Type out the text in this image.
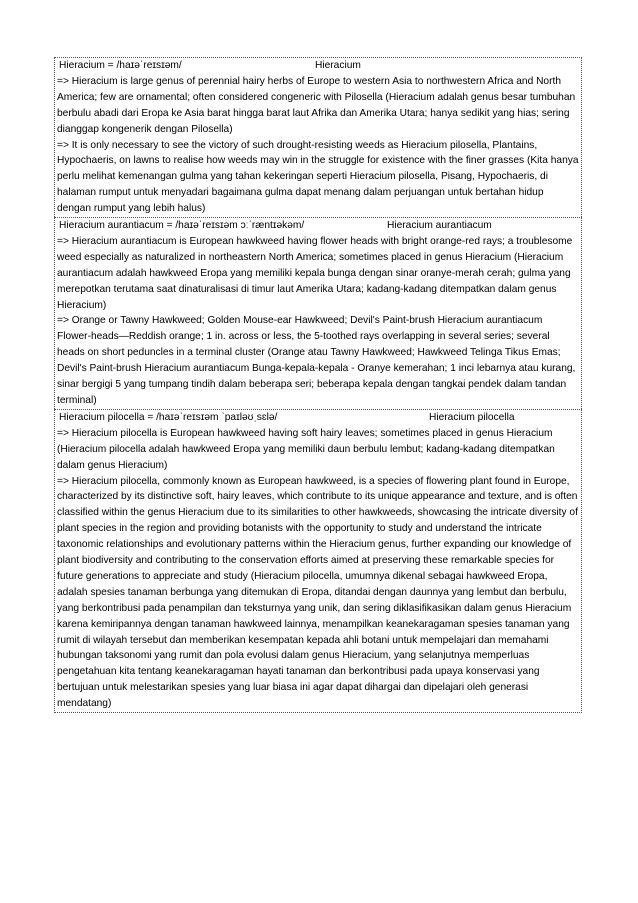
Hieracium = /haɪəˈreɪsɪəm/	Hieracium

=> Hieracium is large genus of perennial hairy herbs of Europe to western Asia to northwestern Africa and North America; few are ornamental; often considered congeneric with Pilosella (Hieracium adalah genus besar tumbuhan berbulu abadi dari Eropa ke Asia barat hingga barat laut Afrika dan Amerika Utara; hanya sedikit yang hias; sering dianggap kongenerik dengan Pilosella)

=> It is only necessary to see the victory of such drought-resisting weeds as Hieracium pilosella, Plantains, Hypochaeris, on lawns to realise how weeds may win in the struggle for existence with the finer grasses (Kita hanya perlu melihat kemenangan gulma yang tahan kekeringan seperti Hieracium pilosella, Pisang, Hypochaeris, di halaman rumput untuk menyadari bagaimana gulma dapat menang dalam perjuangan untuk bertahan hidup dengan rumput yang lebih halus)

Hieracium aurantiacum = /haɪəˈreɪsɪəm ɔːˈræntɪəkəm/	Hieracium aurantiacum

=> Hieracium aurantiacum is European hawkweed having flower heads with bright orange-red rays; a troublesome weed especially as naturalized in northeastern North America; sometimes placed in genus Hieracium (Hieracium aurantiacum adalah hawkweed Eropa yang memiliki kepala bunga dengan sinar oranye-merah cerah; gulma yang merepotkan terutama saat dinaturalisasi di timur laut Amerika Utara; kadang-kadang ditempatkan dalam genus Hieracium)

=> Orange or Tawny Hawkweed; Golden Mouse-ear Hawkweed; Devil's Paint-brush Hieracium aurantiacum Flower-heads—Reddish orange; 1 in. across or less, the 5-toothed rays overlapping in several series; several heads on short peduncles in a terminal cluster (Orange atau Tawny Hawkweed; Hawkweed Telinga Tikus Emas; Devil's Paint-brush Hieracium aurantiacum Bunga-kepala-kepala - Oranye kemerahan; 1 inci lebarnya atau kurang, sinar bergigi 5 yang tumpang tindih dalam beberapa seri; beberapa kepala dengan tangkai pendek dalam tandan terminal)

Hieracium pilocella = /haɪəˈreɪsɪəm ˈpaɪləʊˌsɛlə/	Hieracium pilocella

=> Hieracium pilocella is European hawkweed having soft hairy leaves; sometimes placed in genus Hieracium (Hieracium pilocella adalah hawkweed Eropa yang memiliki daun berbulu lembut; kadang-kadang ditempatkan dalam genus Hieracium)

=> Hieracium pilocella, commonly known as European hawkweed, is a species of flowering plant found in Europe, characterized by its distinctive soft, hairy leaves, which contribute to its unique appearance and texture, and is often classified within the genus Hieracium due to its similarities to other hawkweeds, showcasing the intricate diversity of plant species in the region and providing botanists with the opportunity to study and understand the intricate taxonomic relationships and evolutionary patterns within the Hieracium genus, further expanding our knowledge of plant biodiversity and contributing to the conservation efforts aimed at preserving these remarkable species for future generations to appreciate and study (Hieracium pilocella, umumnya dikenal sebagai hawkweed Eropa, adalah spesies tanaman berbunga yang ditemukan di Eropa, ditandai dengan daunnya yang lembut dan berbulu, yang berkontribusi pada penampilan dan teksturnya yang unik, dan sering diklasifikasikan dalam genus Hieracium karena kemiripannya dengan tanaman hawkweed lainnya, menampilkan keanekaragaman spesies tanaman yang rumit di wilayah tersebut dan memberikan kesempatan kepada ahli botani untuk mempelajari dan memahami hubungan taksonomi yang rumit dan pola evolusi dalam genus Hieracium, yang selanjutnya memperluas pengetahuan kita tentang keanekaragaman hayati tanaman dan berkontribusi pada upaya konservasi yang bertujuan untuk melestarikan spesies yang luar biasa ini agar dapat dihargai dan dipelajari oleh generasi mendatang)
